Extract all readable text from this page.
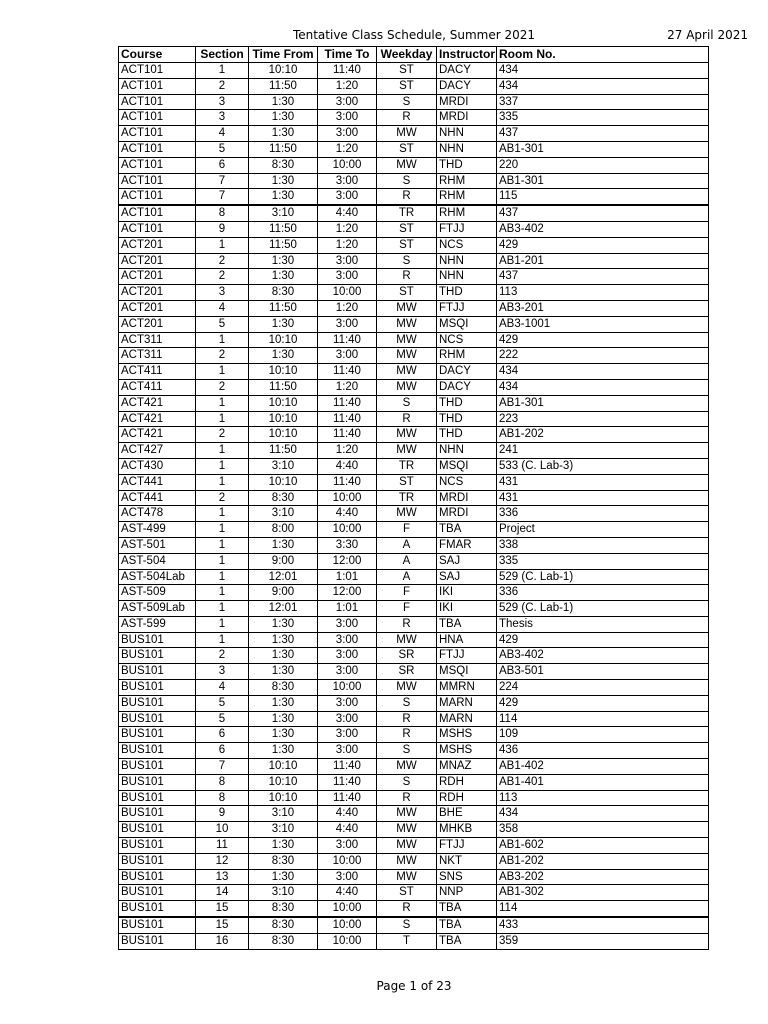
Tentative Class Schedule, Summer 2021	27 April 2021
Course	Section	Time From	Time To	Weekday	Instructor	Room No.
ACT101	1	10:10	11:40	ST	DACY	434
ACT101	2	11:50	1:20	ST	DACY	434
ACT101	3	1:30	3:00	S	MRDI	337
ACT101	3	1:30	3:00	R	MRDI	335
ACT101	4	1:30	3:00	MW	NHN	437
ACT101	5	11:50	1:20	ST	NHN	AB1-301
ACT101	6	8:30	10:00	MW	THD	220
ACT101	7	1:30	3:00	S	RHM	AB1-301
ACT101	7	1:30	3:00	R	RHM	115
ACT101	8	3:10	4:40	TR	RHM	437
ACT101	9	11:50	1:20	ST	FTJJ	AB3-402
ACT201	1	11:50	1:20	ST	NCS	429
ACT201	2	1:30	3:00	S	NHN	AB1-201
ACT201	2	1:30	3:00	R	NHN	437
ACT201	3	8:30	10:00	ST	THD	113
ACT201	4	11:50	1:20	MW	FTJJ	AB3-201
ACT201	5	1:30	3:00	MW	MSQI	AB3-1001
ACT311	1	10:10	11:40	MW	NCS	429
ACT311	2	1:30	3:00	MW	RHM	222
ACT411	1	10:10	11:40	MW	DACY	434
ACT411	2	11:50	1:20	MW	DACY	434
ACT421	1	10:10	11:40	S	THD	AB1-301
ACT421	1	10:10	11:40	R	THD	223
ACT421	2	10:10	11:40	MW	THD	AB1-202
ACT427	1	11:50	1:20	MW	NHN	241
ACT430	1	3:10	4:40	TR	MSQI	533 (C. Lab-3)
ACT441	1	10:10	11:40	ST	NCS	431
ACT441	2	8:30	10:00	TR	MRDI	431
ACT478	1	3:10	4:40	MW	MRDI	336
AST-499	1	8:00	10:00	F	TBA	Project
AST-501	1	1:30	3:30	A	FMAR	338
AST-504	1	9:00	12:00	A	SAJ	335
AST-504Lab	1	12:01	1:01	A	SAJ	529 (C. Lab-1)
AST-509	1	9:00	12:00	F	IKI	336
AST-509Lab	1	12:01	1:01	F	IKI	529 (C. Lab-1)
AST-599	1	1:30	3:00	R	TBA	Thesis
BUS101	1	1:30	3:00	MW	HNA	429
BUS101	2	1:30	3:00	SR	FTJJ	AB3-402
BUS101	3	1:30	3:00	SR	MSQI	AB3-501
BUS101	4	8:30	10:00	MW	MMRN	224
BUS101	5	1:30	3:00	S	MARN	429
BUS101	5	1:30	3:00	R	MARN	114
BUS101	6	1:30	3:00	R	MSHS	109
BUS101	6	1:30	3:00	S	MSHS	436
BUS101	7	10:10	11:40	MW	MNAZ	AB1-402
BUS101	8	10:10	11:40	S	RDH	AB1-401
BUS101	8	10:10	11:40	R	RDH	113
BUS101	9	3:10	4:40	MW	BHE	434
BUS101	10	3:10	4:40	MW	MHKB	358
BUS101	11	1:30	3:00	MW	FTJJ	AB1-602
BUS101	12	8:30	10:00	MW	NKT	AB1-202
BUS101	13	1:30	3:00	MW	SNS	AB3-202
BUS101	14	3:10	4:40	ST	NNP	AB1-302
BUS101	15	8:30	10:00	R	TBA	114
BUS101	15	8:30	10:00	S	TBA	433
BUS101	16	8:30	10:00	T	TBA	359
Page 1 of 23
